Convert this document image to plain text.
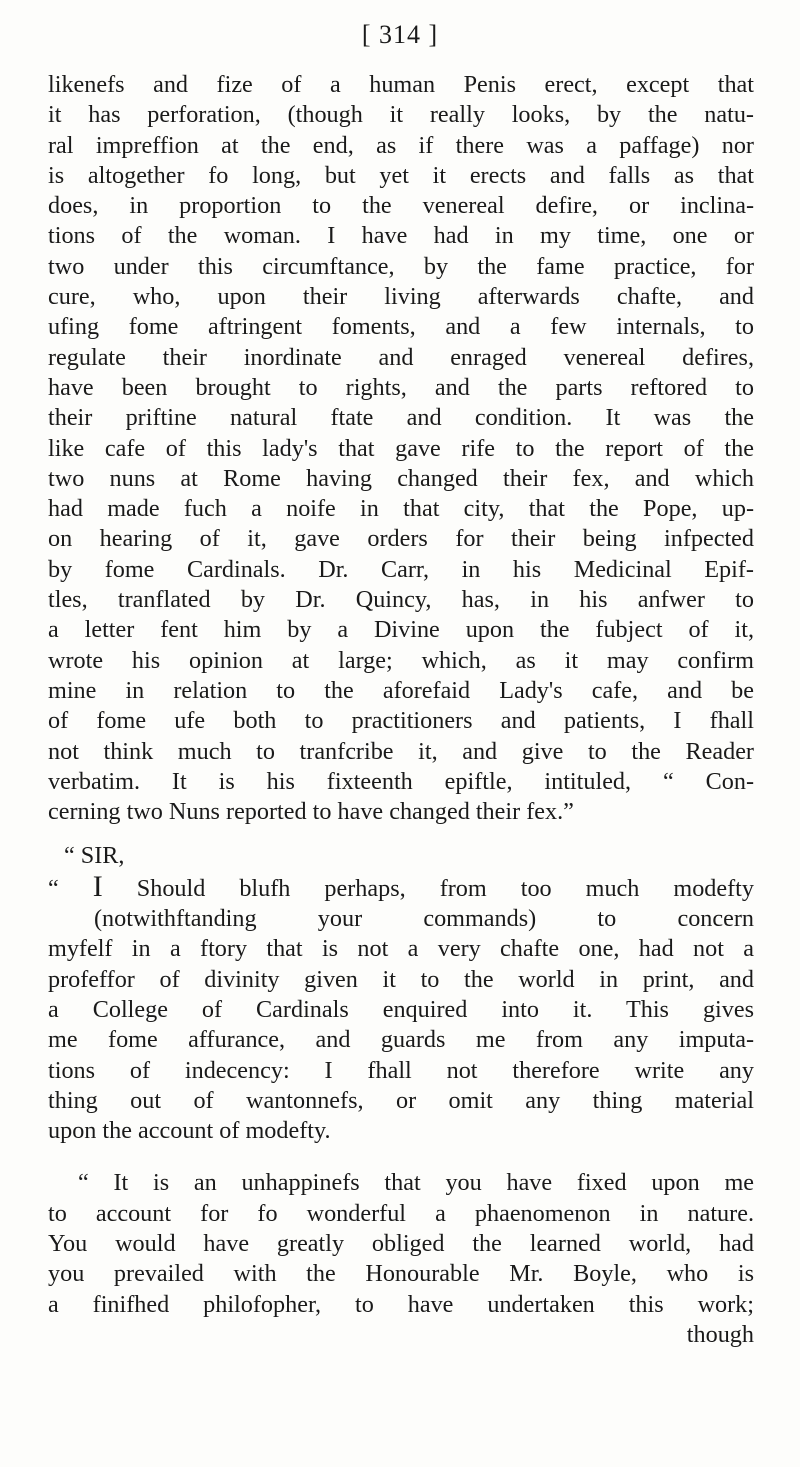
[ 314 ]
likenefs and fize of a human Penis erect, except that
it has perforation, (though it really looks, by the natu-
ral impreffion at the end, as if there was a paffage) nor
is altogether fo long, but yet it erects and falls as that
does, in proportion to the venereal defire, or inclina-
tions of the woman. I have had in my time, one or
two under this circumftance, by the fame practice, for
cure, who, upon their living afterwards chafte, and
ufing fome aftringent foments, and a few internals, to
regulate their inordinate and enraged venereal defires,
have been brought to rights, and the parts reftored to
their priftine natural ftate and condition. It was the
like cafe of this lady's that gave rife to the report of the
two nuns at Rome having changed their fex, and which
had made fuch a noife in that city, that the Pope, up-
on hearing of it, gave orders for their being infpected
by fome Cardinals. Dr. Carr, in his Medicinal Epif-
tles, tranflated by Dr. Quincy, has, in his anfwer to
a letter fent him by a Divine upon the fubject of it,
wrote his opinion at large; which, as it may confirm
mine in relation to the aforefaid Lady's cafe, and be
of fome ufe both to practitioners and patients, I fhall
not think much to tranfcribe it, and give to the Reader
verbatim. It is his fixteenth epiftle, intituled, “ Con-
cerning two Nuns reported to have changed their fex.”
“ SIR,
“ I Should blufh perhaps, from too much modefty
(notwithftanding your commands) to concern
myfelf in a ftory that is not a very chafte one, had not a
profeffor of divinity given it to the world in print, and
a College of Cardinals enquired into it. This gives
me fome affurance, and guards me from any imputa-
tions of indecency: I fhall not therefore write any
thing out of wantonnefs, or omit any thing material
upon the account of modefty.
“ It is an unhappinefs that you have fixed upon me
to account for fo wonderful a phaenomenon in nature.
You would have greatly obliged the learned world, had
you prevailed with the Honourable Mr. Boyle, who is
a finifhed philofopher, to have undertaken this work;
though
